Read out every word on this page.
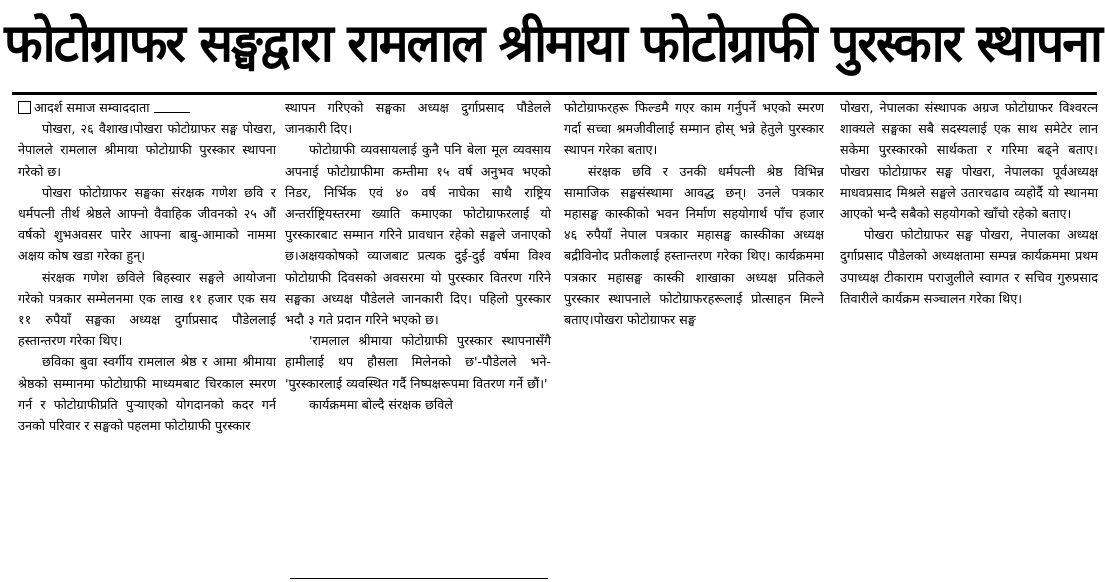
फोटोग्राफर सङ्घद्वारा रामलाल श्रीमाया फोटोग्राफी पुरस्कार स्थापना
आदर्श समाज सम्वाददाता

पोखरा, २६ वैशाख।पोखरा फोटोग्राफर सङ्घ पोखरा, नेपालले रामलाल श्रीमाया फोटोग्राफी पुरस्कार स्थापना गरेको छ।

पोखरा फोटोग्राफर सङ्घका संरक्षक गणेश छवि र धर्मपत्नी तीर्थ श्रेष्ठले आफ्नो वैवाहिक जीवनको २५ औं वर्षको शुभअवसर पारेर आफ्ना बाबु-आमाको नाममा अक्षय कोष खडा गरेका हुन्।

संरक्षक गणेश छविले बिहस्वार सङ्घले आयोजना गरेको पत्रकार सम्मेलनमा एक लाख ११ हजार एक सय ११ रुपैयाँ सङ्घका अध्यक्ष दुर्गाप्रसाद पौडेललाई हस्तान्तरण गरेका थिए।

छविका बुवा स्वर्गीय रामलाल श्रेष्ठ र आमा श्रीमाया श्रेष्ठको सम्मानमा फोटोग्राफी माध्यमबाट चिरकाल स्मरण गर्न र फोटोग्राफीप्रति पुर्‍याएको योगदानको कदर गर्न उनको परिवार र सङ्घको पहलमा फोटोग्राफी पुरस्कार

स्थापन गरिएको सङ्घका अध्यक्ष दुर्गाप्रसाद पौडेलले जानकारी दिए।

फोटोग्राफी व्यवसायलाई कुनै पनि बेला मूल व्यवसाय अपनाई फोटोग्राफीमा कम्तीमा १५ वर्ष अनुभव भएको निडर, निर्भिक एवं ४० वर्ष नाघेका साथै राष्ट्रिय अन्तर्राष्ट्रियस्तरमा ख्याति कमाएका फोटोग्राफरलाई यो पुरस्कारबाट सम्मान गरिने प्रावधान रहेको सङ्घले जनाएको छ।अक्षयकोषको व्याजबाट प्रत्यक दुई-दुई वर्षमा विश्व फोटोग्राफी दिवसको अवसरमा यो पुरस्कार वितरण गरिने सङ्घका अध्यक्ष पौडेलले जानकारी दिए। पहिलो पुरस्कार भदौ ३ गते प्रदान गरिने भएको छ।

'रामलाल श्रीमाया फोटोग्राफी पुरस्कार स्थापनासँगै हामीलाई थप हौसला मिलेनको छ'-पौडेलले भने-'पुरस्कारलाई व्यवस्थित गर्दै निष्पक्षरूपमा वितरण गर्ने छौं।'

कार्यक्रममा बोल्दै संरक्षक छविले

फोटोग्राफरहरू फिल्डमै गएर काम गर्नुपर्ने भएको स्मरण गर्दा सच्चा श्रमजीवीलाई सम्मान होस् भन्ने हेतुले पुरस्कार स्थापन गरेका बताए।

संरक्षक छवि र उनकी धर्मपत्नी श्रेष्ठ विभिन्न सामाजिक सङ्घसंस्थामा आवद्ध छन्। उनले पत्रकार महासङ्घ कास्कीको भवन निर्माण सहयोगार्थ पाँच हजार ४६ रुपैयाँ नेपाल पत्रकार महासङ्घ कास्कीका अध्यक्ष बद्रीविनोद प्रतीकलाई हस्तान्तरण गरेका थिए। कार्यक्रममा पत्रकार महासङ्घ कास्की शाखाका अध्यक्ष प्रतिकले पुरस्कार स्थापनाले फोटोग्राफरहरूलाई प्रोत्साहन मिल्ने बताए।पोखरा फोटोग्राफर सङ्घ

पोखरा, नेपालका संस्थापक अग्रज फोटोग्राफर विश्वरत्न शाक्यले सङ्घका सबै सदस्यलाई एक साथ समेटेर लान सकेमा पुरस्कारको सार्थकता र गरिमा बढ्ने बताए। पोखरा फोटोग्राफर सङ्घ पोखरा, नेपालका पूर्वअध्यक्ष माधवप्रसाद मिश्रले सङ्घले उतारचढाव व्यहोर्दै यो स्थानमा आएको भन्दै सबैको सहयोगको खाँचो रहेको बताए।

पोखरा फोटोग्राफर सङ्घ पोखरा, नेपालका अध्यक्ष दुर्गाप्रसाद पौडेलको अध्यक्षतामा सम्पन्न कार्यक्रममा प्रथम उपाध्यक्ष टीकाराम पराजुलीले स्वागत र सचिव गुरुप्रसाद तिवारीले कार्यक्रम सञ्चालन गरेका थिए।
